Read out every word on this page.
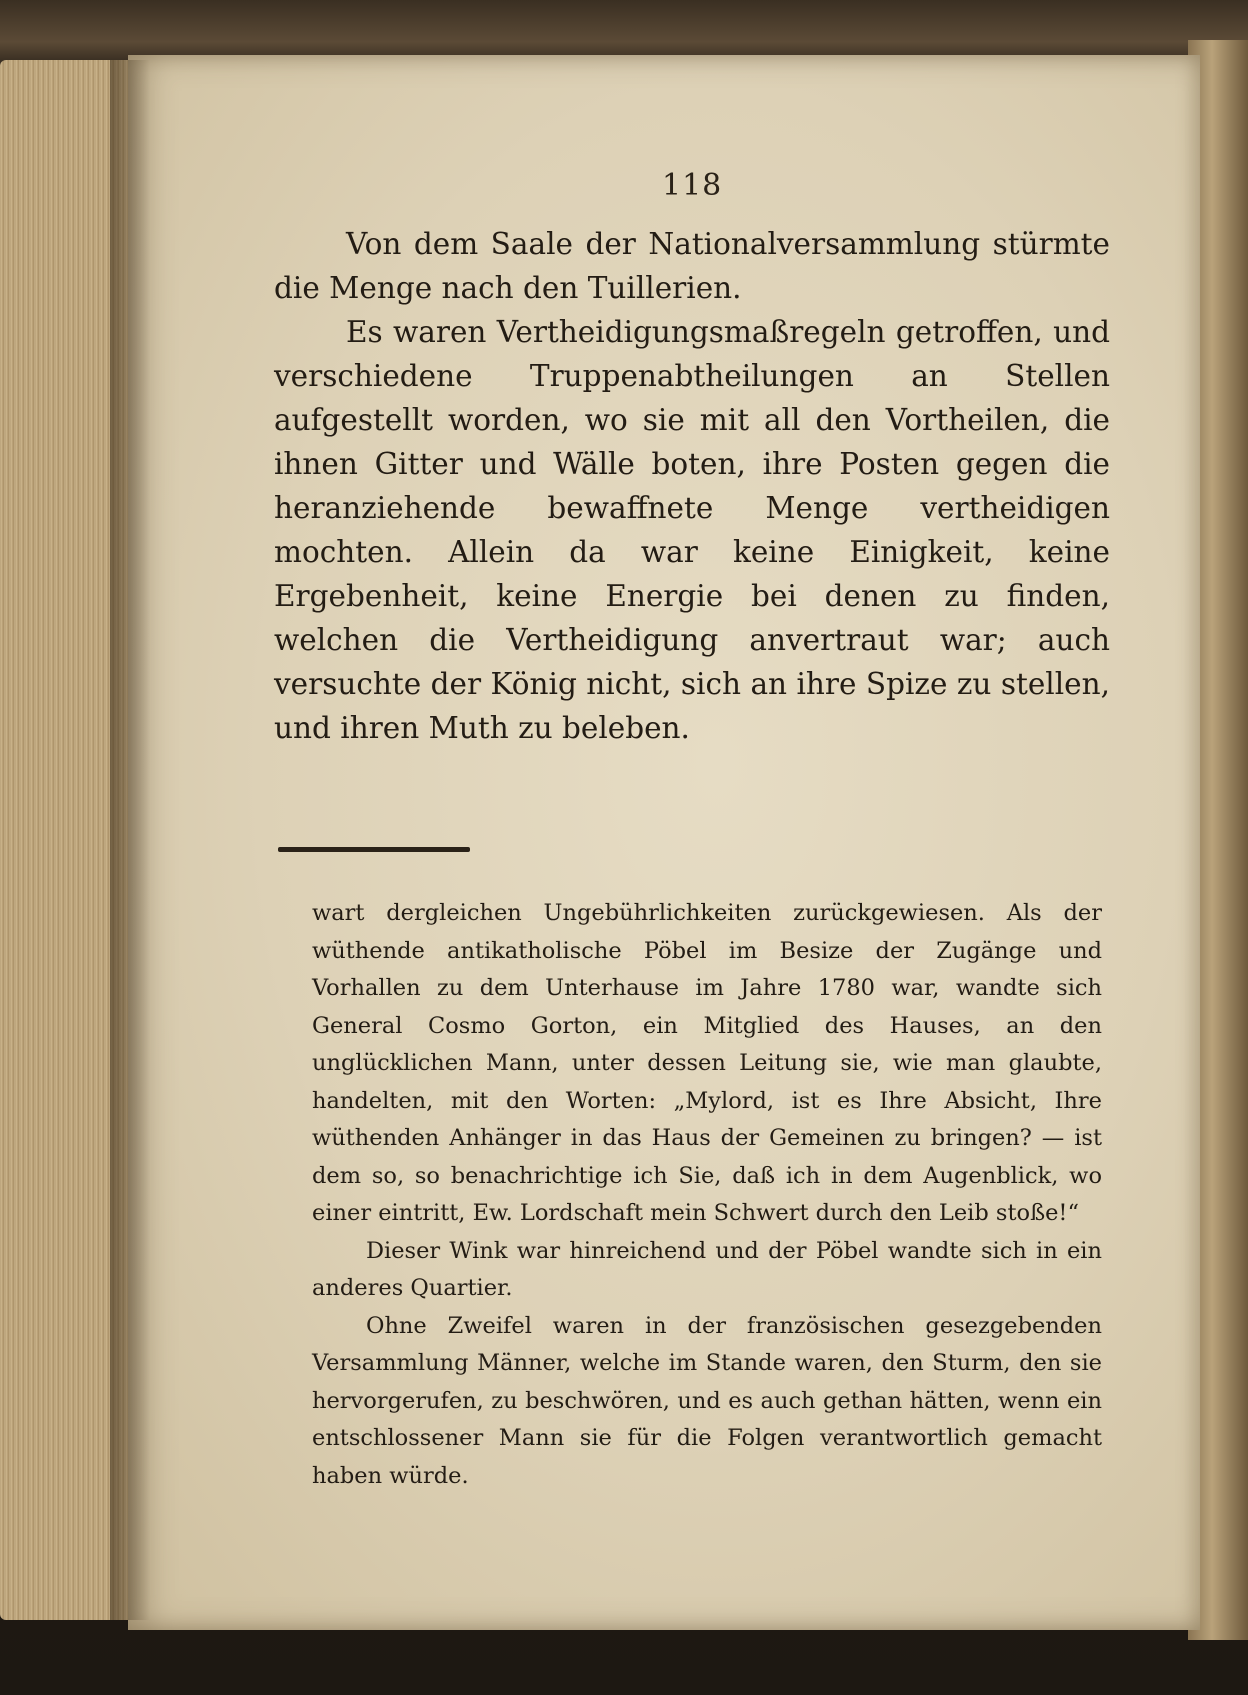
118

Von dem Saale der Nationalversammlung stürmte die Menge nach den Tuillerien.

Es waren Vertheidigungsmaßregeln getroffen, und verschiedene Truppenabtheilungen an Stellen aufgestellt worden, wo sie mit all den Vortheilen, die ihnen Gitter und Wälle boten, ihre Posten gegen die heranziehende bewaffnete Menge vertheidigen mochten. Allein da war keine Einigkeit, keine Ergebenheit, keine Energie bei denen zu finden, welchen die Vertheidigung anvertraut war; auch versuchte der König nicht, sich an ihre Spize zu stellen, und ihren Muth zu beleben.

wart dergleichen Ungebührlichkeiten zurückgewiesen. Als der wüthende antikatholische Pöbel im Besize der Zugänge und Vorhallen zu dem Unterhause im Jahre 1780 war, wandte sich General Cosmo Gorton, ein Mitglied des Hauses, an den unglücklichen Mann, unter dessen Leitung sie, wie man glaubte, handelten, mit den Worten: „Mylord, ist es Ihre Absicht, Ihre wüthenden Anhänger in das Haus der Gemeinen zu bringen? — ist dem so, so benachrichtige ich Sie, daß ich in dem Augenblick, wo einer eintritt, Ew. Lordschaft mein Schwert durch den Leib stoße!“

Dieser Wink war hinreichend und der Pöbel wandte sich in ein anderes Quartier.

Ohne Zweifel waren in der französischen gesezgebenden Versammlung Männer, welche im Stande waren, den Sturm, den sie hervorgerufen, zu beschwören, und es auch gethan hätten, wenn ein entschlossener Mann sie für die Folgen verantwortlich gemacht haben würde.
